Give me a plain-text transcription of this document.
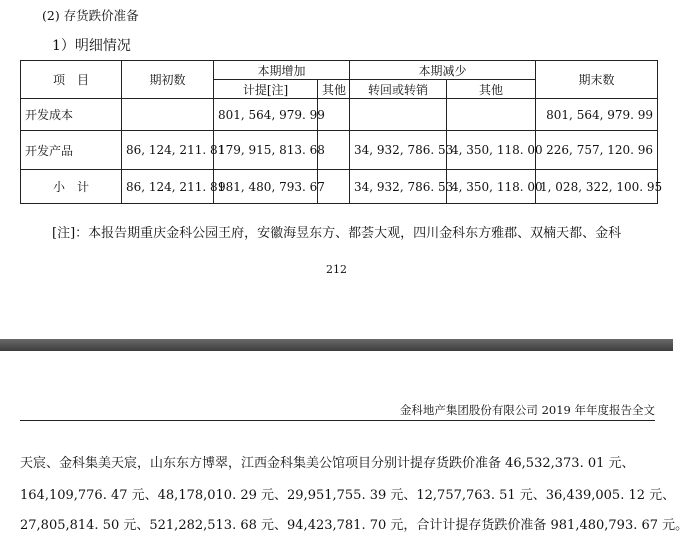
(2) 存货跌价准备
1）明细情况
项　目	期初数	本期增加		本期减少		期末数
		计提[注]	其他	转回或转销	其他	
开发成本		801, 564, 979. 99				801, 564, 979. 99
开发产品	86, 124, 211. 81	179, 915, 813. 68		34, 932, 786. 53	4, 350, 118. 00	226, 757, 120. 96
小　计	86, 124, 211. 81	981, 480, 793. 67		34, 932, 786. 53	4, 350, 118. 00	1, 028, 322, 100. 95
[注]：本报告期重庆金科公园王府，安徽海昱东方、都荟大观，四川金科东方雅郡、双楠天都、金科
212
金科地产集团股份有限公司 2019 年年度报告全文
天宸、金科集美天宸，山东东方博翠，江西金科集美公馆项目分别计提存货跌价准备 46,532,373. 01 元、
164,109,776. 47 元、48,178,010. 29 元、29,951,755. 39 元、12,757,763. 51 元、36,439,005. 12 元、
27,805,814. 50 元、521,282,513. 68 元、94,423,781. 70 元，合计计提存货跌价准备 981,480,793. 67 元。
